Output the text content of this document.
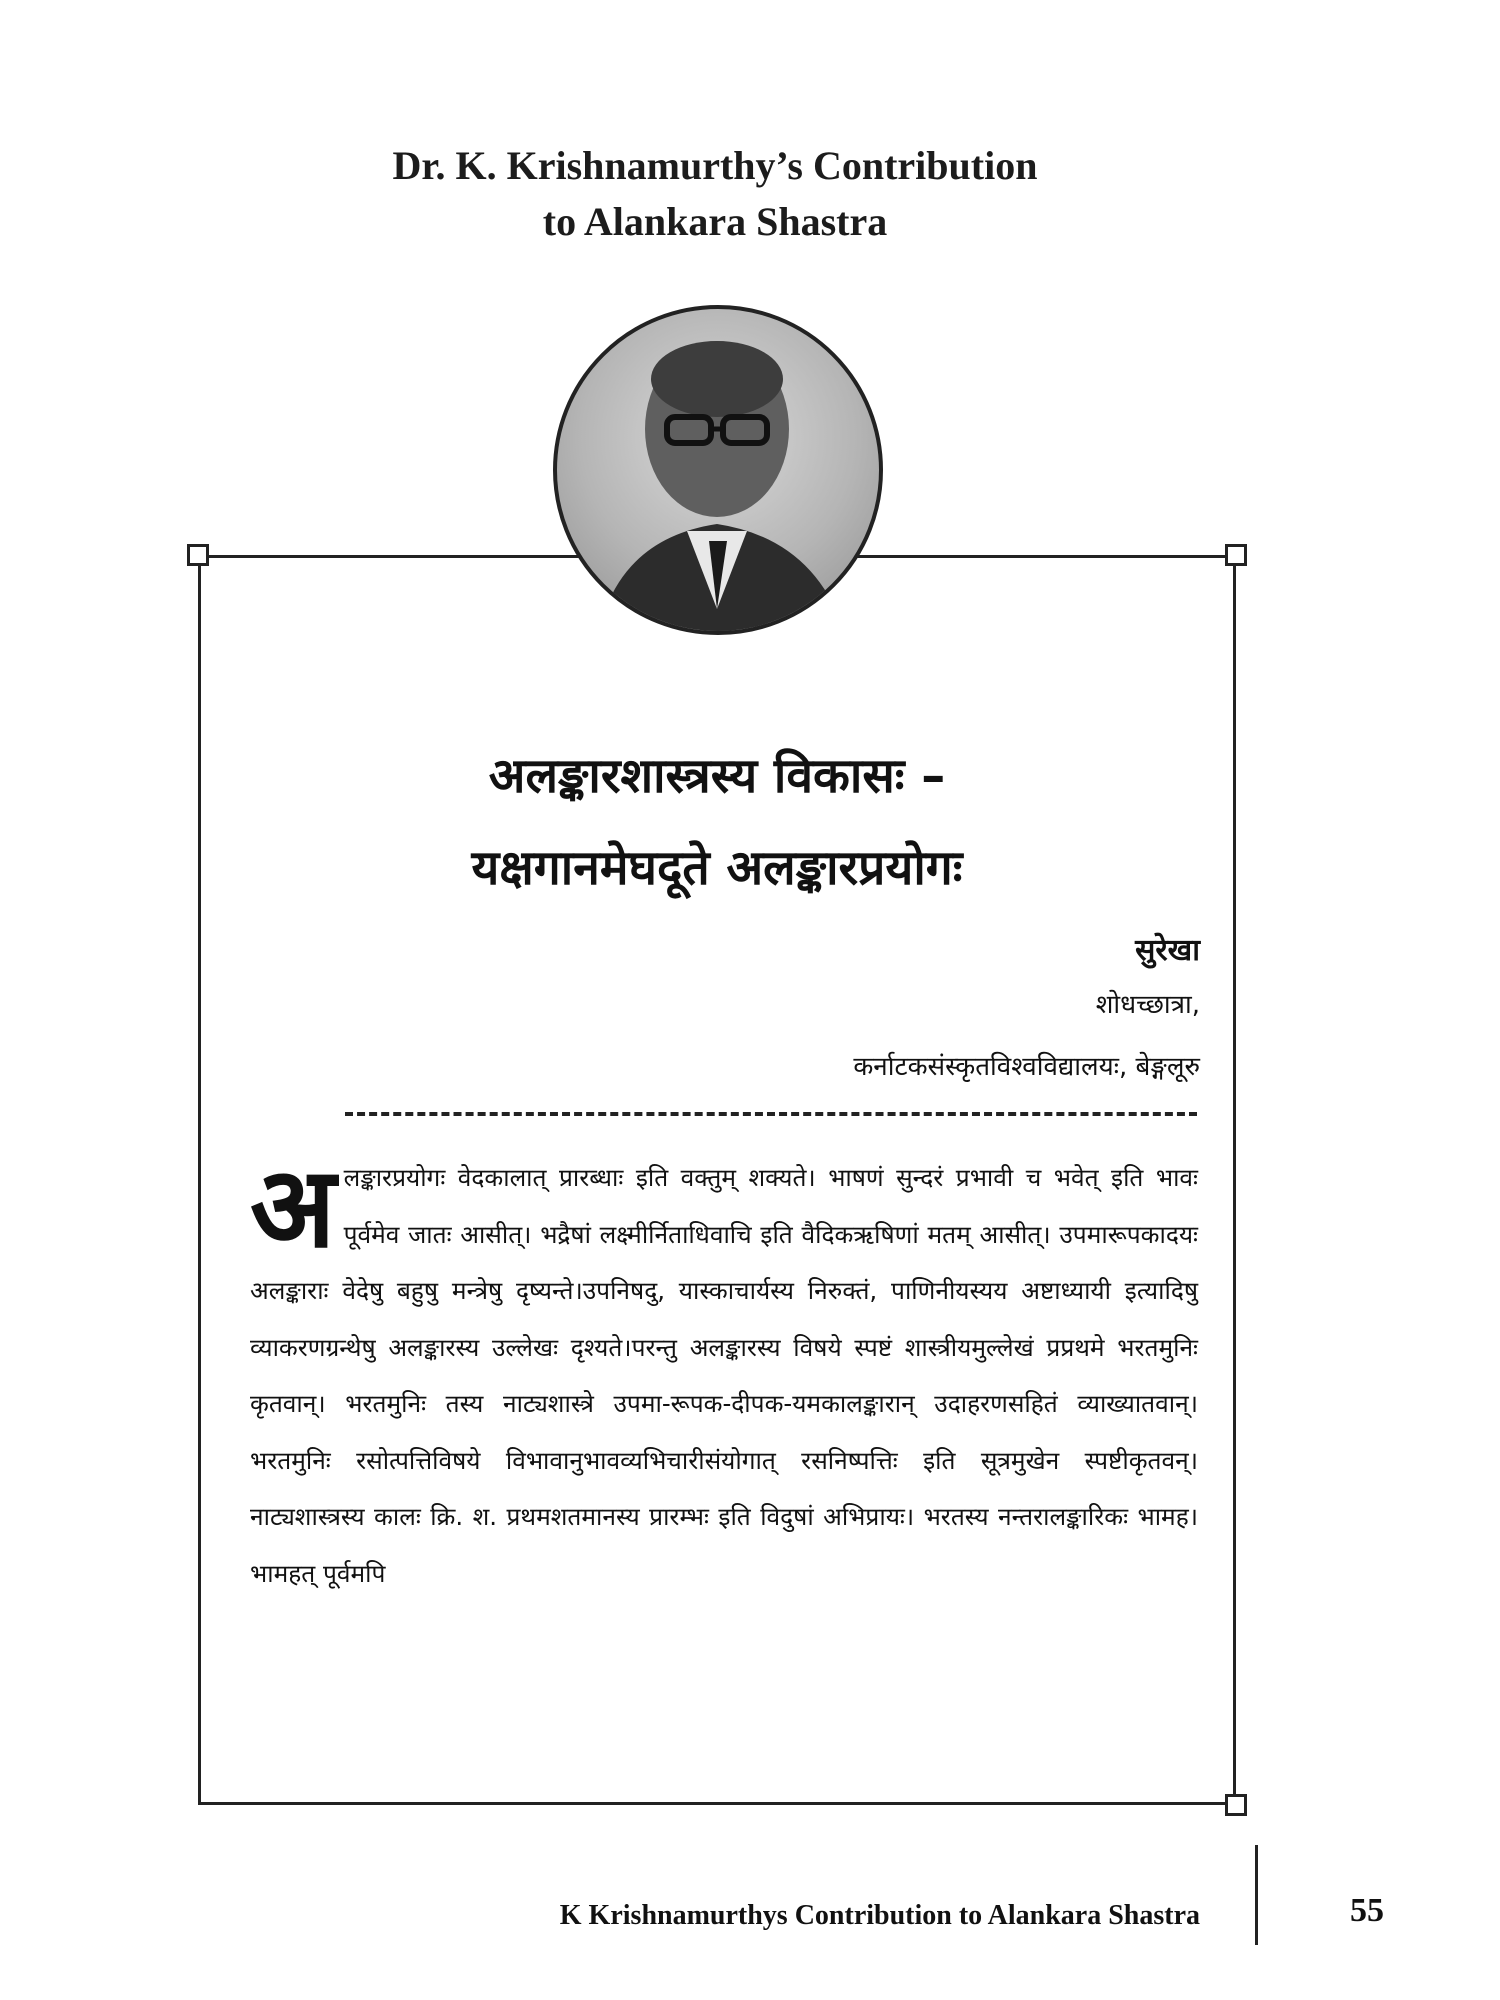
Dr. K. Krishnamurthy’s Contribution
to Alankara Shastra
अलङ्कारशास्त्रस्य विकासः –
यक्षगानमेघदूते अलङ्कारप्रयोगः
सुरेखा
शोधच्छात्रा,
कर्नाटकसंस्कृतविश्वविद्यालयः, बेङ्गलूरु
अ लङ्कारप्रयोगः वेदकालात् प्रारब्धाः इति वक्तुम् शक्यते। भाषणं सुन्दरं प्रभावी च भवेत् इति भावः पूर्वमेव जातः आसीत्। भद्रैषां लक्ष्मीर्निताधिवाचि इति वैदिकऋषिणां मतम् आसीत्। उपमारूपकादयः अलङ्काराः वेदेषु बहुषु मन्त्रेषु दृष्यन्ते।उपनिषदु, यास्काचार्यस्य निरुक्तं, पाणिनीयस्यय अष्टाध्यायी इत्यादिषु व्याकरणग्रन्थेषु अलङ्कारस्य उल्लेखः दृश्यते।परन्तु अलङ्कारस्य विषये स्पष्टं शास्त्रीयमुल्लेखं प्रप्रथमे भरतमुनिः कृतवान्। भरतमुनिः तस्य नाट्यशास्त्रे उपमा-रूपक-दीपक-यमकालङ्कारान् उदाहरणसहितं व्याख्यातवान्। भरतमुनिः रसोत्पत्तिविषये विभावानुभावव्यभिचारीसंयोगात् रसनिष्पत्तिः इति सूत्रमुखेन स्पष्टीकृतवन्। नाट्यशास्त्रस्य कालः क्रि. श. प्रथमशतमानस्य प्रारम्भः इति विदुषां अभिप्रायः। भरतस्य नन्तरालङ्कारिकः भामह। भामहत् पूर्वमपि
K Krishnamurthys Contribution to Alankara Shastra	55
